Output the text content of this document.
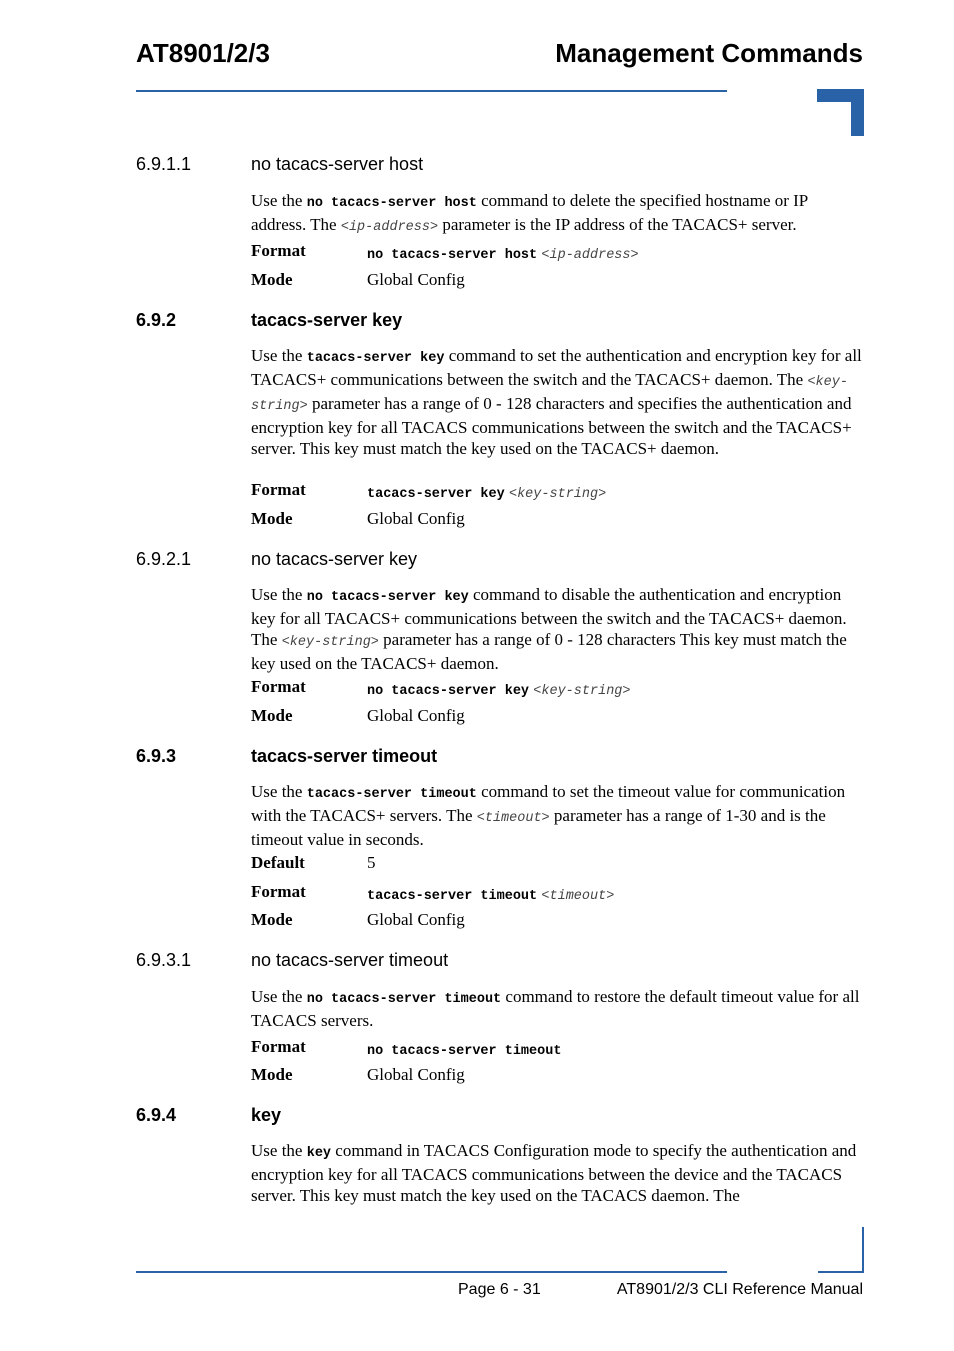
AT8901/2/3	Management Commands
6.9.1.1	no tacacs-server host
Use the no tacacs-server host command to delete the specified hostname or IP address. The <ip-address> parameter is the IP address of the TACACS+ server.
Format	no tacacs-server host <ip-address>
Mode	Global Config
6.9.2	tacacs-server key
Use the tacacs-server key command to set the authentication and encryption key for all TACACS+ communications between the switch and the TACACS+ daemon. The <key-string> parameter has a range of 0 - 128 characters and specifies the authentication and encryption key for all TACACS communications between the switch and the TACACS+ server. This key must match the key used on the TACACS+ daemon.
Format	tacacs-server key <key-string>
Mode	Global Config
6.9.2.1	no tacacs-server key
Use the no tacacs-server key command to disable the authentication and encryption key for all TACACS+ communications between the switch and the TACACS+ daemon. The <key-string> parameter has a range of 0 - 128 characters This key must match the key used on the TACACS+ daemon.
Format	no tacacs-server key <key-string>
Mode	Global Config
6.9.3	tacacs-server timeout
Use the tacacs-server timeout command to set the timeout value for communication with the TACACS+ servers. The <timeout> parameter has a range of 1-30 and is the timeout value in seconds.
Default	5
Format	tacacs-server timeout <timeout>
Mode	Global Config
6.9.3.1	no tacacs-server timeout
Use the no tacacs-server timeout command to restore the default timeout value for all TACACS servers.
Format	no tacacs-server timeout
Mode	Global Config
6.9.4	key
Use the key command in TACACS Configuration mode to specify the authentication and encryption key for all TACACS communications between the device and the TACACS server. This key must match the key used on the TACACS daemon. The
Page 6 - 31	AT8901/2/3 CLI Reference Manual
